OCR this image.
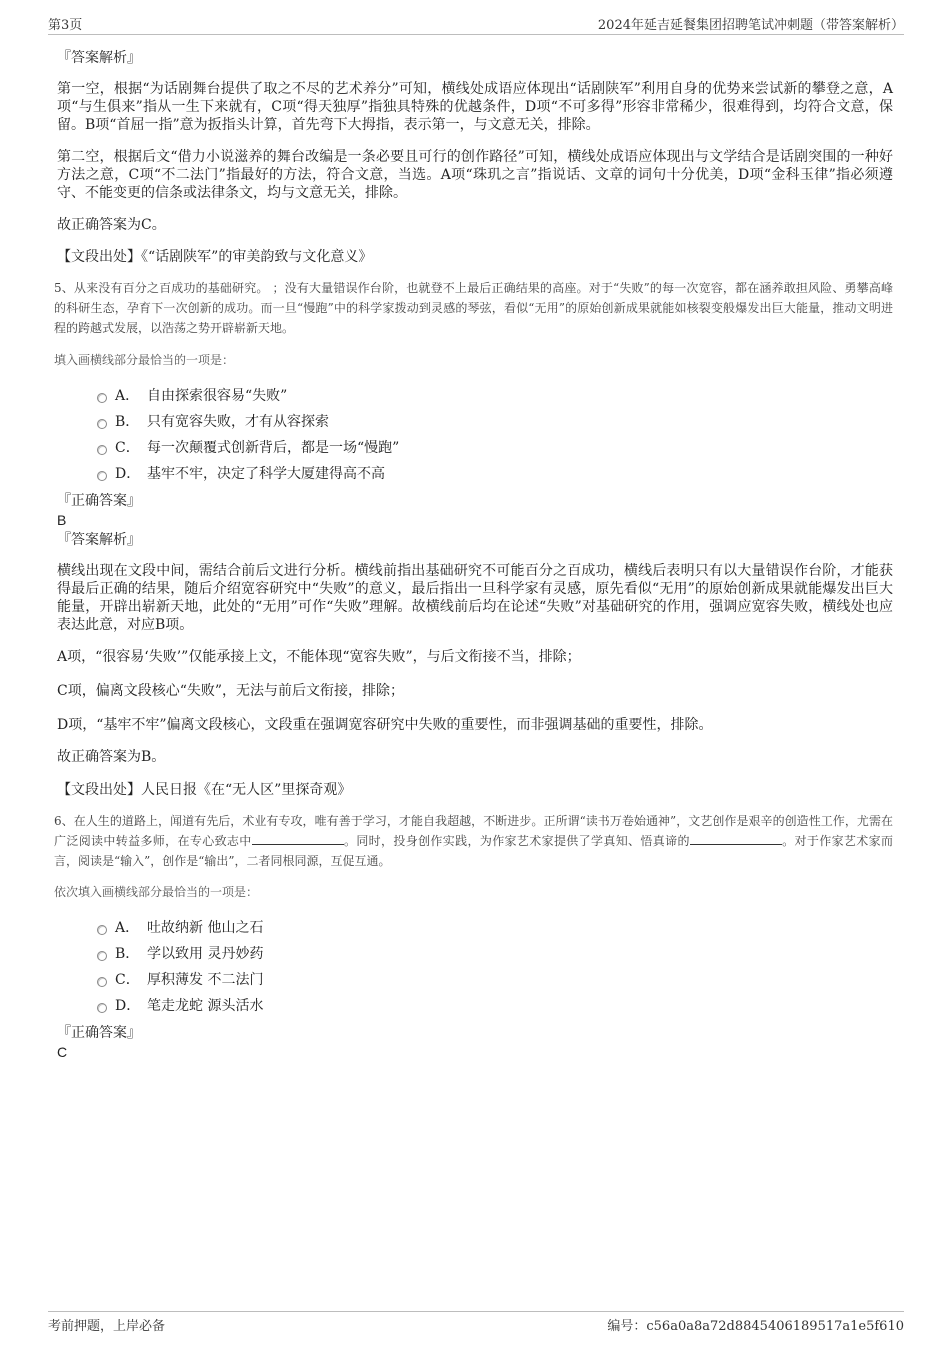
第3页	2024年延吉延餐集团招聘笔试冲刺题（带答案解析）

『答案解析』

第一空，根据“为话剧舞台提供了取之不尽的艺术养分”可知，横线处成语应体现出“话剧陕军”利用自身的优势来尝试新的攀登之意，A项“与生俱来”指从一生下来就有，C项“得天独厚”指独具特殊的优越条件，D项“不可多得”形容非常稀少，很难得到，均符合文意，保留。B项“首屈一指”意为扳指头计算，首先弯下大拇指，表示第一，与文意无关，排除。

第二空，根据后文“借力小说滋养的舞台改编是一条必要且可行的创作路径”可知，横线处成语应体现出与文学结合是话剧突围的一种好方法之意，C项“不二法门”指最好的方法，符合文意，当选。A项“珠玑之言”指说话、文章的词句十分优美，D项“金科玉律”指必须遵守、不能变更的信条或法律条文，均与文意无关，排除。

故正确答案为C。

【文段出处】《“话剧陕军”的审美韵致与文化意义》

5、从来没有百分之百成功的基础研究。 ；没有大量错误作台阶，也就登不上最后正确结果的高座。对于“失败”的每一次宽容，都在涵养敢担风险、勇攀高峰的科研生态，孕育下一次创新的成功。而一旦“慢跑”中的科学家拨动到灵感的琴弦，看似“无用”的原始创新成果就能如核裂变般爆发出巨大能量，推动文明进程的跨越式发展，以浩荡之势开辟崭新天地。

填入画横线部分最恰当的一项是：

A． 自由探索很容易“失败”
B． 只有宽容失败，才有从容探索
C． 每一次颠覆式创新背后，都是一场“慢跑”
D． 基牢不牢，决定了科学大厦建得高不高

『正确答案』

B

『答案解析』

横线出现在文段中间，需结合前后文进行分析。横线前指出基础研究不可能百分之百成功，横线后表明只有以大量错误作台阶，才能获得最后正确的结果，随后介绍宽容研究中“失败”的意义，最后指出一旦科学家有灵感，原先看似“无用”的原始创新成果就能爆发出巨大能量，开辟出崭新天地，此处的“无用”可作“失败”理解。故横线前后均在论述“失败”对基础研究的作用，强调应宽容失败，横线处也应表达此意，对应B项。

A项，“很容易‘失败’”仅能承接上文，不能体现“宽容失败”，与后文衔接不当，排除；

C项，偏离文段核心“失败”，无法与前后文衔接，排除；

D项，“基牢不牢”偏离文段核心，文段重在强调宽容研究中失败的重要性，而非强调基础的重要性，排除。

故正确答案为B。

【文段出处】人民日报《在“无人区”里探奇观》

6、在人生的道路上，闻道有先后，术业有专攻，唯有善于学习，才能自我超越，不断进步。正所谓“读书万卷始通神”，文艺创作是艰辛的创造性工作，尤需在广泛阅读中转益多师，在专心致志中	。同时，投身创作实践，为作家艺术家提供了学真知、悟真谛的	。对于作家艺术家而言，阅读是“输入”，创作是“输出”，二者同根同源，互促互通。

依次填入画横线部分最恰当的一项是：

A． 吐故纳新 他山之石
B． 学以致用 灵丹妙药
C． 厚积薄发 不二法门
D． 笔走龙蛇 源头活水

『正确答案』

C

考前押题，上岸必备	编号：c56a0a8a72d8845406189517a1e5f610
